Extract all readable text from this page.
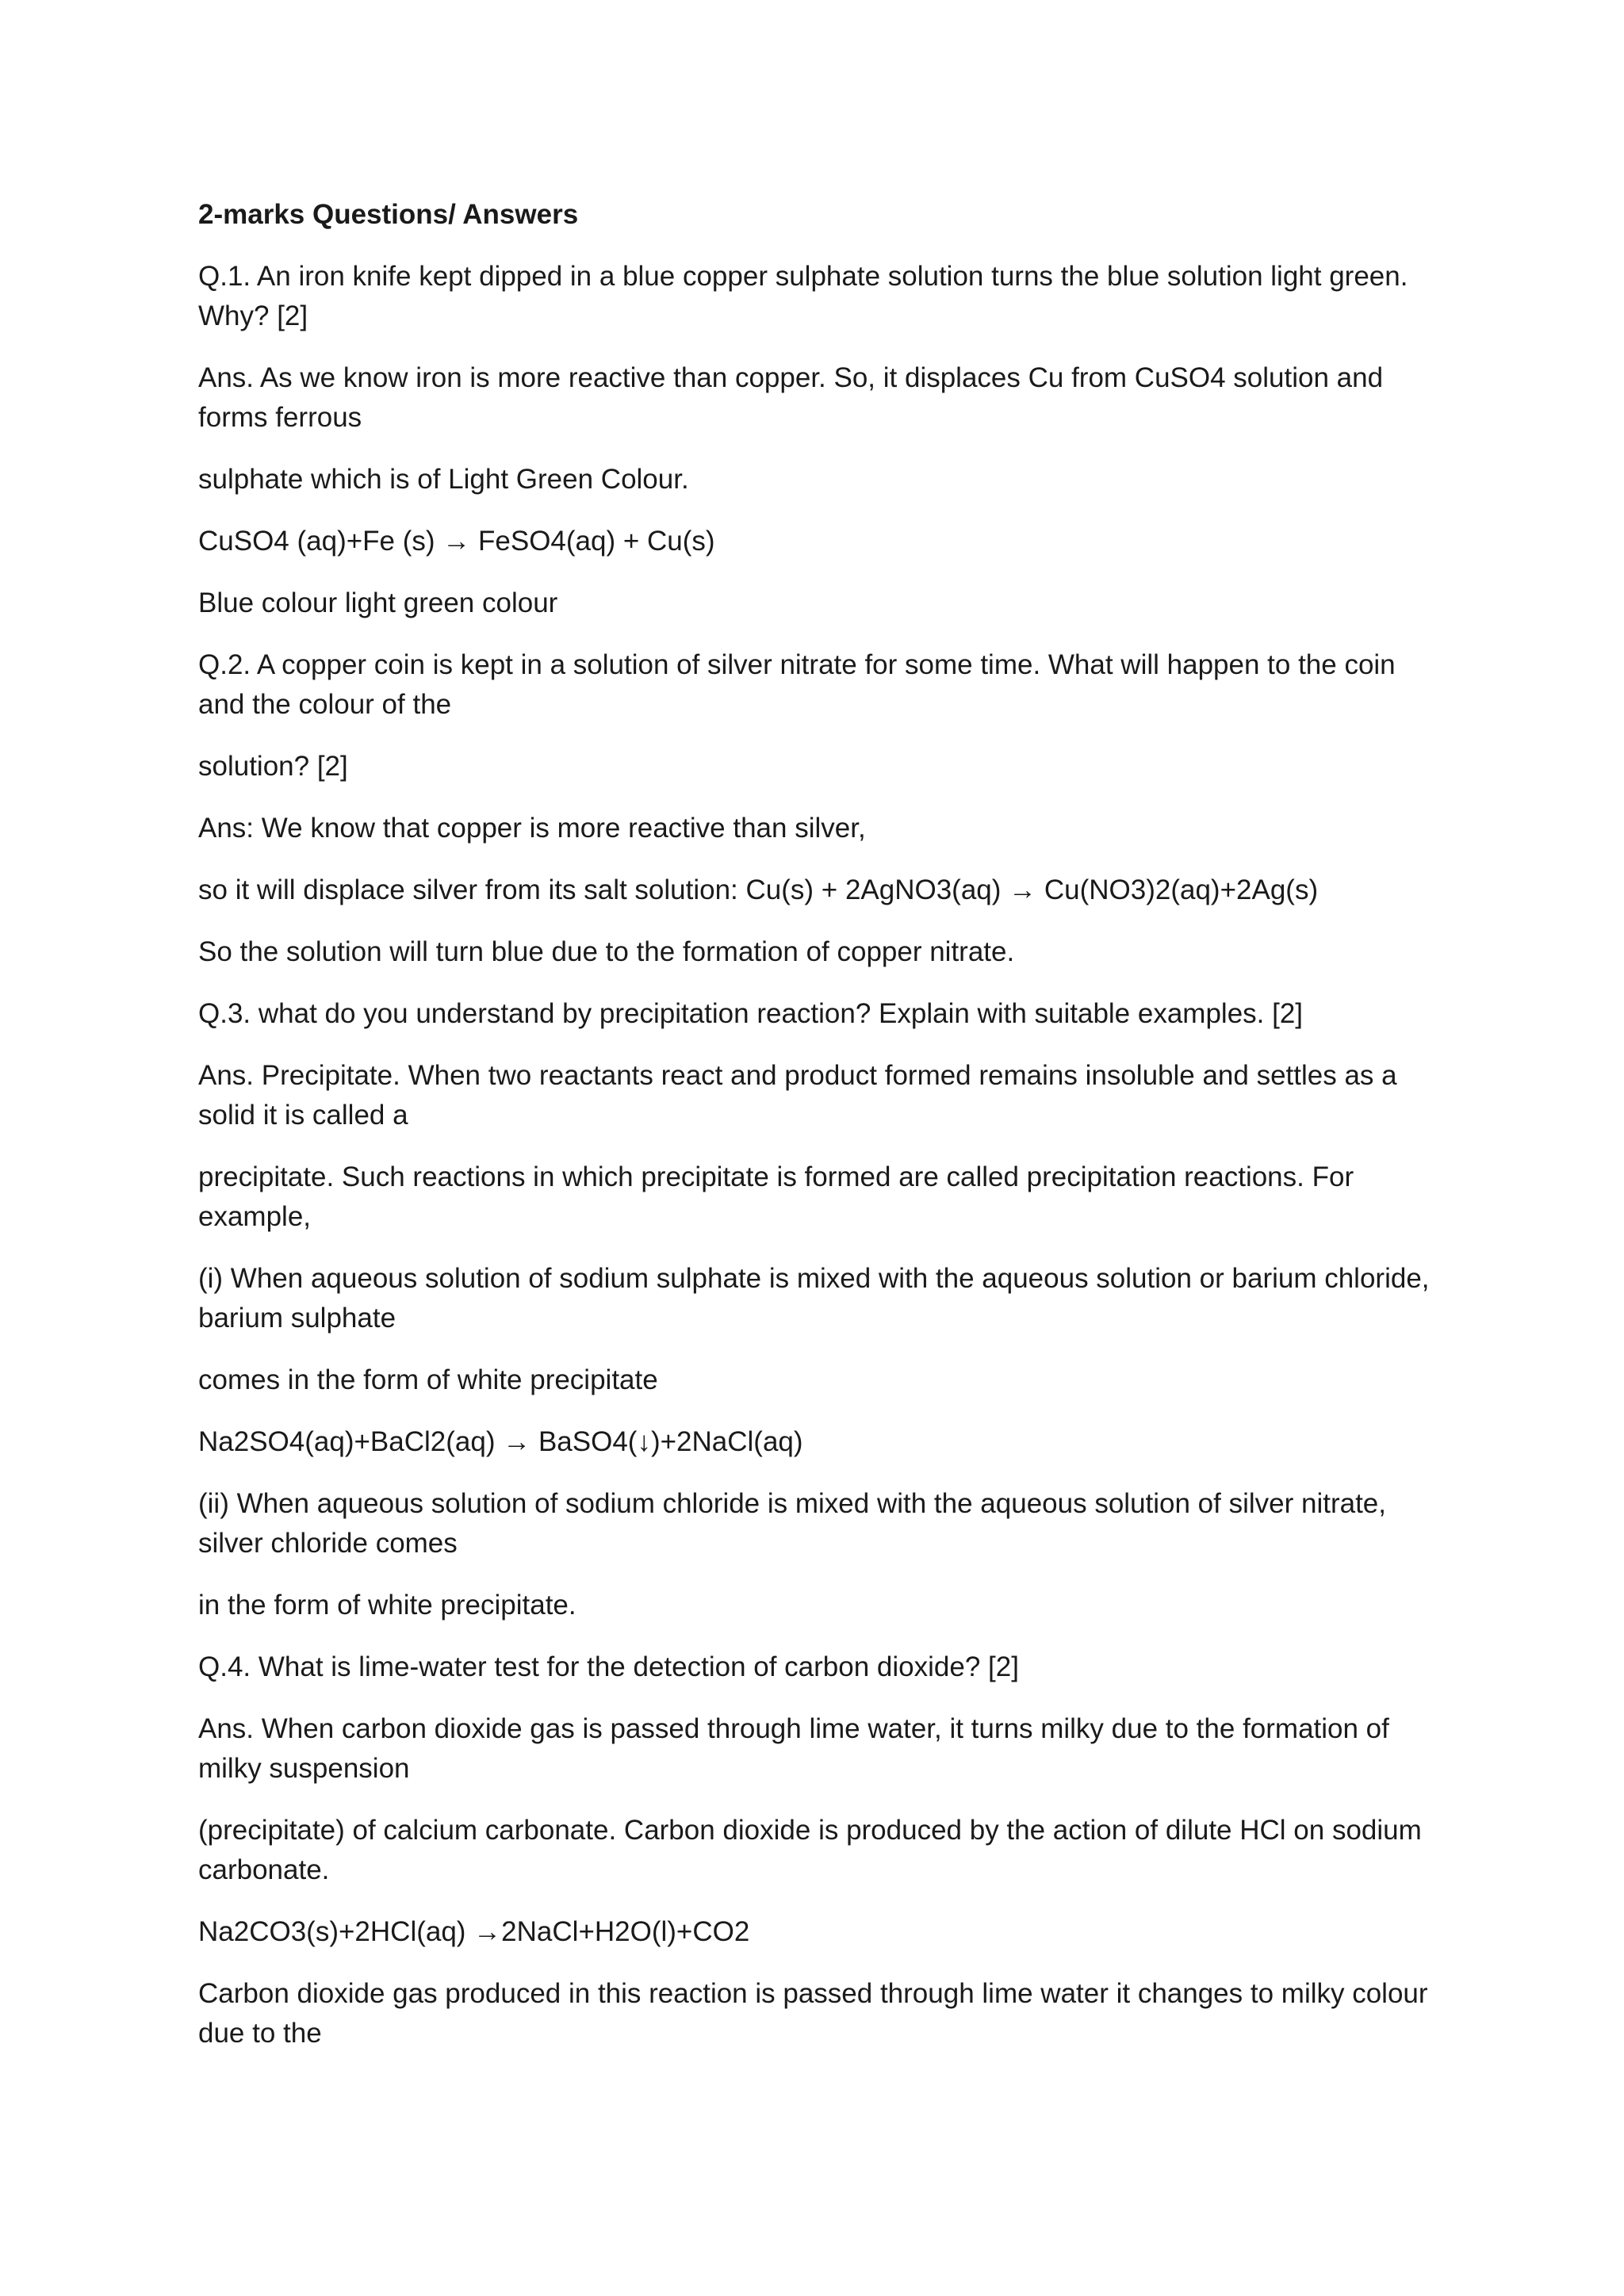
2-marks Questions/ Answers

Q.1. An iron knife kept dipped in a blue copper sulphate solution turns the blue solution light green. Why? [2]

Ans. As we know iron is more reactive than copper. So, it displaces Cu from CuSO4 solution and forms ferrous

sulphate which is of Light Green Colour.

CuSO4 (aq)+Fe (s) → FeSO4(aq) + Cu(s)

Blue colour light green colour

Q.2. A copper coin is kept in a solution of silver nitrate for some time. What will happen to the coin and the colour of the

solution? [2]

Ans: We know that copper is more reactive than silver,

so it will displace silver from its salt solution: Cu(s) + 2AgNO3(aq) → Cu(NO3)2(aq)+2Ag(s)

So the solution will turn blue due to the formation of copper nitrate.

Q.3. what do you understand by precipitation reaction? Explain with suitable examples. [2]

Ans. Precipitate. When two reactants react and product formed remains insoluble and settles as a solid it is called a

precipitate. Such reactions in which precipitate is formed are called precipitation reactions. For example,

(i) When aqueous solution of sodium sulphate is mixed with the aqueous solution or barium chloride, barium sulphate

comes in the form of white precipitate

Na2SO4(aq)+BaCl2(aq) → BaSO4(↓)+2NaCl(aq)

(ii) When aqueous solution of sodium chloride is mixed with the aqueous solution of silver nitrate, silver chloride comes

in the form of white precipitate.

Q.4. What is lime-water test for the detection of carbon dioxide? [2]

Ans. When carbon dioxide gas is passed through lime water, it turns milky due to the formation of milky suspension

(precipitate) of calcium carbonate. Carbon dioxide is produced by the action of dilute HCl on sodium carbonate.

Na2CO3(s)+2HCl(aq) →2NaCl+H2O(l)+CO2

Carbon dioxide gas produced in this reaction is passed through lime water it changes to milky colour due to the
